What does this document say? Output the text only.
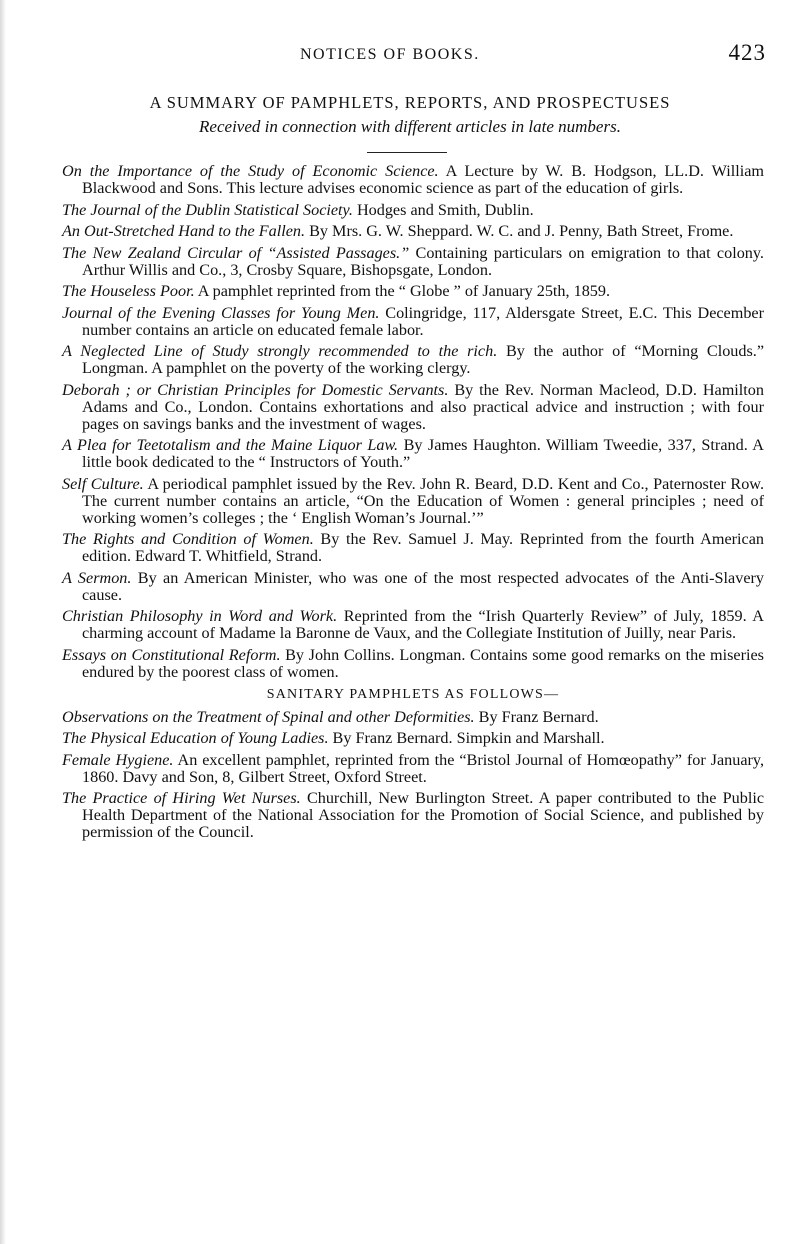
NOTICES OF BOOKS.	423
A SUMMARY OF PAMPHLETS, REPORTS, AND PROSPECTUSES
Received in connection with different articles in late numbers.

On the Importance of the Study of Economic Science. A Lecture by W. B. Hodgson, LL.D. William Blackwood and Sons. This lecture advises economic science as part of the education of girls.

The Journal of the Dublin Statistical Society. Hodges and Smith, Dublin.

An Out-Stretched Hand to the Fallen. By Mrs. G. W. Sheppard. W. C. and J. Penny, Bath Street, Frome.

The New Zealand Circular of “Assisted Passages.” Containing particulars on emigration to that colony. Arthur Willis and Co., 3, Crosby Square, Bishopsgate, London.

The Houseless Poor. A pamphlet reprinted from the “ Globe ” of January 25th, 1859.

Journal of the Evening Classes for Young Men. Colingridge, 117, Aldersgate Street, E.C. This December number contains an article on educated female labor.

A Neglected Line of Study strongly recommended to the rich. By the author of “Morning Clouds.” Longman. A pamphlet on the poverty of the working clergy.

Deborah ; or Christian Principles for Domestic Servants. By the Rev. Norman Macleod, D.D. Hamilton Adams and Co., London. Contains exhortations and also practical advice and instruction ; with four pages on savings banks and the investment of wages.

A Plea for Teetotalism and the Maine Liquor Law. By James Haughton. William Tweedie, 337, Strand. A little book dedicated to the “ Instructors of Youth.”

Self Culture. A periodical pamphlet issued by the Rev. John R. Beard, D.D. Kent and Co., Paternoster Row. The current number contains an article, “On the Education of Women : general principles ; need of working women’s colleges ; the ‘ English Woman’s Journal.’”

The Rights and Condition of Women. By the Rev. Samuel J. May. Reprinted from the fourth American edition. Edward T. Whitfield, Strand.

A Sermon. By an American Minister, who was one of the most respected advocates of the Anti-Slavery cause.

Christian Philosophy in Word and Work. Reprinted from the “Irish Quarterly Review” of July, 1859. A charming account of Madame la Baronne de Vaux, and the Collegiate Institution of Juilly, near Paris.

Essays on Constitutional Reform. By John Collins. Longman. Contains some good remarks on the miseries endured by the poorest class of women.

SANITARY PAMPHLETS AS FOLLOWS—

Observations on the Treatment of Spinal and other Deformities. By Franz Bernard.

The Physical Education of Young Ladies. By Franz Bernard. Simpkin and Marshall.

Female Hygiene. An excellent pamphlet, reprinted from the “Bristol Journal of Homœopathy” for January, 1860. Davy and Son, 8, Gilbert Street, Oxford Street.

The Practice of Hiring Wet Nurses. Churchill, New Burlington Street. A paper contributed to the Public Health Department of the National Association for the Promotion of Social Science, and published by permission of the Council.
